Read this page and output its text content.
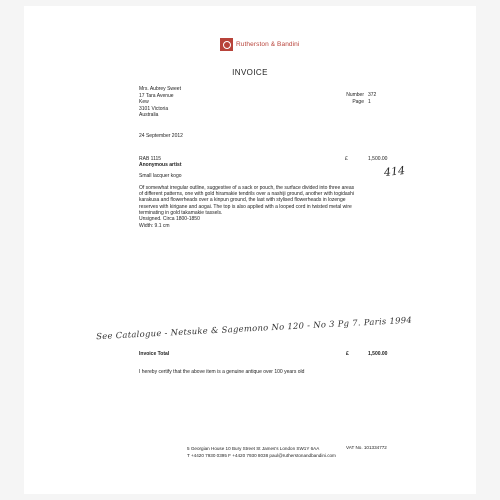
Rutherston & Bandini
INVOICE
Mrs. Aubrey Sweet
17 Tara Avenue
Kew
3101 Victoria
Australia
Number 372
Page 1
24 September 2012
RAB 1115
Anonymous artist
Small lacquer kogo
Of somewhat irregular outline, suggestive of a sack or pouch, the surface divided into three areas of different patterns, one with gold hiramakie tendrils over a nashiji ground, another with togidashi karakusa and flowerheads over a kinpun ground, the last with stylised flowerheads in lozenge reserves with kirigane and aogai. The top is also applied with a looped cord in twisted metal wire terminating in gold takamakie tassels.
Unsigned. Circa 1800-1850
Width: 9.1 cm
£	1,500.00
414
See Catalogue - Netsuke & Sagemono No 120 - No 3 Pg 7. Paris 1994
Invoice Total	£	1,500.00
I hereby certify that the above item is a genuine antique over 100 years old
5 Georgian House 10 Bury Street St James's London SW1Y 6AA
T +4420 7930 0395 F +4420 7930 8038 paul@rutherstonandbandini.com
VAT No. 101334772
